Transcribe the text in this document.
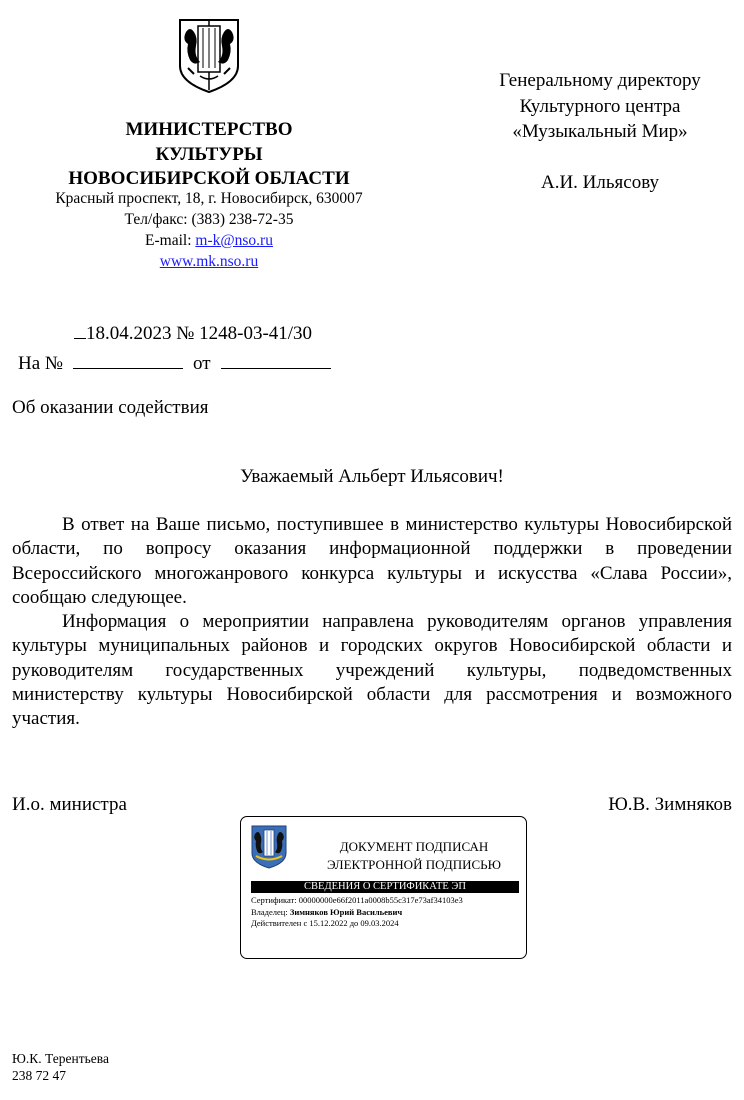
МИНИСТЕРСТВО
КУЛЬТУРЫ
НОВОСИБИРСКОЙ ОБЛАСТИ
Красный проспект, 18, г. Новосибирск, 630007
Тел/факс: (383) 238-72-35
E-mail: m-k@nso.ru
www.mk.nso.ru
Генеральному директору
Культурного центра
«Музыкальный Мир»
А.И. Ильясову
18.04.2023 № 1248-03-41/30
На №	от
Об оказании содействия
Уважаемый Альберт Ильясович!

В ответ на Ваше письмо, поступившее в министерство культуры Новосибирской области, по вопросу оказания информационной поддержки в проведении Всероссийского многожанрового конкурса культуры и искусства «Слава России», сообщаю следующее.

Информация о мероприятии направлена руководителям органов управления культуры муниципальных районов и городских округов Новосибирской области и руководителям государственных учреждений культуры, подведомственных министерству культуры Новосибирской области для рассмотрения и возможного участия.

И.о. министра	Ю.В. Зимняков
ДОКУМЕНТ ПОДПИСАН
ЭЛЕКТРОННОЙ ПОДПИСЬЮ
СВЕДЕНИЯ О СЕРТИФИКАТЕ ЭП
Сертификат: 00000000e66f2011a0008b55c317e73af34103e3
Владелец: Зимняков Юрий Васильевич
Действителен с 15.12.2022 до 09.03.2024
Ю.К. Терентьева
238 72 47
